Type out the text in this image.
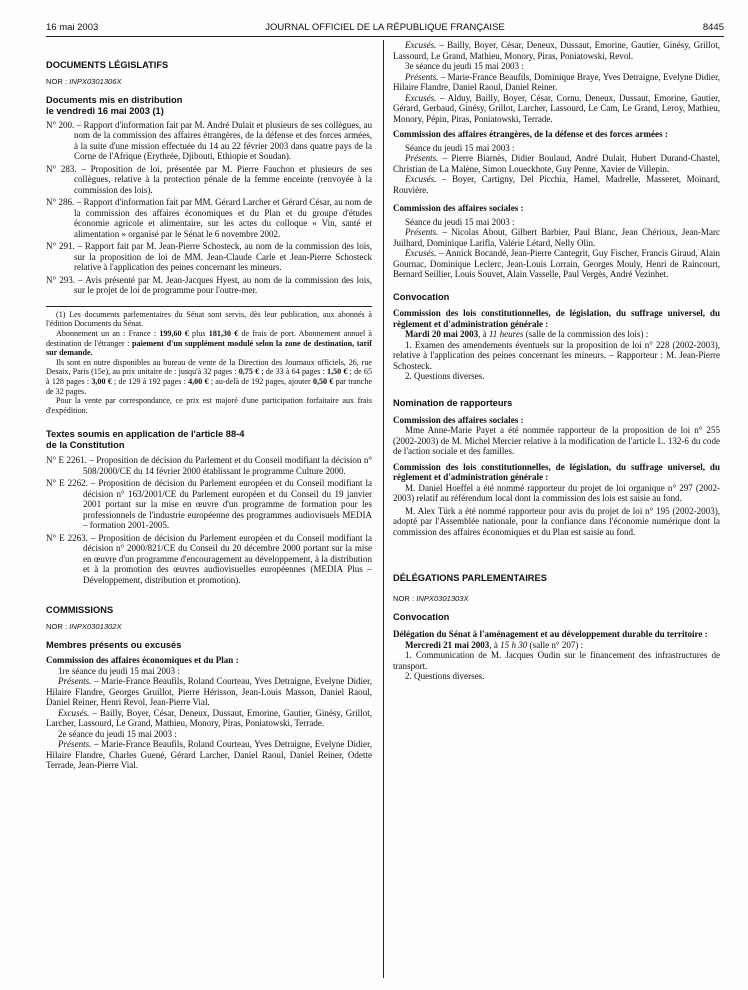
16 mai 2003	JOURNAL OFFICIEL DE LA RÉPUBLIQUE FRANÇAISE	8445

DOCUMENTS LÉGISLATIFS

NOR : INPX0301306X

Documents mis en distribution
le vendredi 16 mai 2003 (1)

N° 200. – Rapport d'information fait par M. André Dulait et plusieurs de ses collègues, au nom de la commission des affaires étrangères, de la défense et des forces armées, à la suite d'une mission effectuée du 14 au 22 février 2003 dans quatre pays de la Corne de l'Afrique (Erythrée, Djibouti, Ethiopie et Soudan).

N° 283. – Proposition de loi, présentée par M. Pierre Fauchon et plusieurs de ses collègues, relative à la protection pénale de la femme enceinte (renvoyée à la commission des lois).

N° 286. – Rapport d'information fait par MM. Gérard Larcher et Gérard César, au nom de la commission des affaires économiques et du Plan et du groupe d'études économie agricole et alimentaire, sur les actes du colloque « Vin, santé et alimentation » organisé par le Sénat le 6 novembre 2002.

N° 291. – Rapport fait par M. Jean-Pierre Schosteck, au nom de la commission des lois, sur la proposition de loi de MM. Jean-Claude Carle et Jean-Pierre Schosteck relative à l'application des peines concernant les mineurs.

N° 293. – Avis présenté par M. Jean-Jacques Hyest, au nom de la commission des lois, sur le projet de loi de programme pour l'outre-mer.

(1) Les documents parlementaires du Sénat sont servis, dès leur publication, aux abonnés à l'édition Documents du Sénat.

Abonnement un an : France : 199,60 € plus 181,30 € de frais de port. Abonnement annuel à destination de l'étranger : paiement d'un supplément modulé selon la zone de destination, tarif sur demande.

Ils sont en outre disponibles au bureau de vente de la Direction des Journaux officiels, 26, rue Desaix, Paris (15e), au prix unitaire de : jusqu'à 32 pages : 0,75 € ; de 33 à 64 pages : 1,50 € ; de 65 à 128 pages : 3,00 € ; de 129 à 192 pages : 4,00 € ; au-delà de 192 pages, ajouter 0,50 € par tranche de 32 pages.

Pour la vente par correspondance, ce prix est majoré d'une participation forfaitaire aux frais d'expédition.

Textes soumis en application de l'article 88-4
de la Constitution

N° E 2261. – Proposition de décision du Parlement et du Conseil modifiant la décision n° 508/2000/CE du 14 février 2000 établissant le programme Culture 2000.

N° E 2262. – Proposition de décision du Parlement européen et du Conseil modifiant la décision n° 163/2001/CE du Parlement européen et du Conseil du 19 janvier 2001 portant sur la mise en œuvre d'un programme de formation pour les professionnels de l'industrie européenne des programmes audiovisuels MEDIA – formation 2001-2005.

N° E 2263. – Proposition de décision du Parlement européen et du Conseil modifiant la décision n° 2000/821/CE du Conseil du 20 décembre 2000 portant sur la mise en œuvre d'un programme d'encouragement au développement, à la distribution et à la promotion des œuvres audiovisuelles européennes (MEDIA Plus – Développement, distribution et promotion).

COMMISSIONS

NOR : INPX0301302X

Membres présents ou excusés

Commission des affaires économiques et du Plan :

1re séance du jeudi 15 mai 2003 :

Présents. – Marie-France Beaufils, Roland Courteau, Yves Detraigne, Evelyne Didier, Hilaire Flandre, Georges Gruillot, Pierre Hérisson, Jean-Louis Masson, Daniel Raoul, Daniel Reiner, Henri Revol, Jean-Pierre Vial.

Excusés. – Bailly, Boyer, César, Deneux, Dussaut, Emorine, Gautier, Ginésy, Grillot, Larcher, Lassourd, Le Grand, Mathieu, Monory, Piras, Poniatowski, Terrade.

2e séance du jeudi 15 mai 2003 :

Présents. – Marie-France Beaufils, Roland Courteau, Yves Detraigne, Evelyne Didier, Hilaire Flandre, Charles Guené, Gérard Larcher, Daniel Raoul, Daniel Reiner, Odette Terrade, Jean-Pierre Vial.

Excusés. – Bailly, Boyer, César, Deneux, Dussaut, Emorine, Gautier, Ginésy, Grillot, Lassourd, Le Grand, Mathieu, Monory, Piras, Poniatowski, Revol.

3e séance du jeudi 15 mai 2003 :

Présents. – Marie-France Beaufils, Dominique Braye, Yves Detraigne, Evelyne Didier, Hilaire Flandre, Daniel Raoul, Daniel Reiner.

Excusés. – Alduy, Bailly, Boyer, César, Cornu, Deneux, Dussaut, Emorine, Gautier, Gérard, Gerbaud, Ginésy, Grillot, Larcher, Lassourd, Le Cam, Le Grand, Leroy, Mathieu, Monory, Pépin, Piras, Poniatowski, Terrade.

Commission des affaires étrangères, de la défense et des forces armées :

Séance du jeudi 15 mai 2003 :

Présents. – Pierre Biarnès, Didier Boulaud, André Dulait, Hubert Durand-Chastel, Christian de La Malène, Simon Loueckhote, Guy Penne, Xavier de Villepin.

Excusés. – Boyer, Cartigny, Del Picchia, Hamel, Madrelle, Masseret, Moinard, Rouvière.

Commission des affaires sociales :

Séance du jeudi 15 mai 2003 :

Présents. – Nicolas About, Gilbert Barbier, Paul Blanc, Jean Chérioux, Jean-Marc Juilhard, Dominique Larifla, Valérie Létard, Nelly Olin.

Excusés. – Annick Bocandé, Jean-Pierre Cantegrit, Guy Fischer, Francis Giraud, Alain Gournac, Dominique Leclerc, Jean-Louis Lorrain, Georges Mouly, Henri de Raincourt, Bernard Seillier, Louis Souvet, Alain Vasselle, Paul Vergès, André Vezinhet.

Convocation

Commission des lois constitutionnelles, de législation, du suffrage universel, du règlement et d'administration générale :

Mardi 20 mai 2003, à 11 heures (salle de la commission des lois) :

1. Examen des amendements éventuels sur la proposition de loi n° 228 (2002-2003), relative à l'application des peines concernant les mineurs. – Rapporteur : M. Jean-Pierre Schosteck.

2. Questions diverses.

Nomination de rapporteurs

Commission des affaires sociales :

Mme Anne-Marie Payet a été nommée rapporteur de la proposition de loi n° 255 (2002-2003) de M. Michel Mercier relative à la modification de l'article L. 132-6 du code de l'action sociale et des familles.

Commission des lois constitutionnelles, de législation, du suffrage universel, du règlement et d'administration générale :

M. Daniel Hoeffel a été nommé rapporteur du projet de loi organique n° 297 (2002-2003) relatif au référendum local dont la commission des lois est saisie au fond.

M. Alex Türk a été nommé rapporteur pour avis du projet de loi n° 195 (2002-2003), adopté par l'Assemblée nationale, pour la confiance dans l'économie numérique dont la commission des affaires économiques et du Plan est saisie au fond.

DÉLÉGATIONS PARLEMENTAIRES

NOR : INPX0301303X

Convocation

Délégation du Sénat à l'aménagement et au développement durable du territoire :

Mercredi 21 mai 2003, à 15 h 30 (salle n° 207) :

1. Communication de M. Jacques Oudin sur le financement des infrastructures de transport.

2. Questions diverses.
